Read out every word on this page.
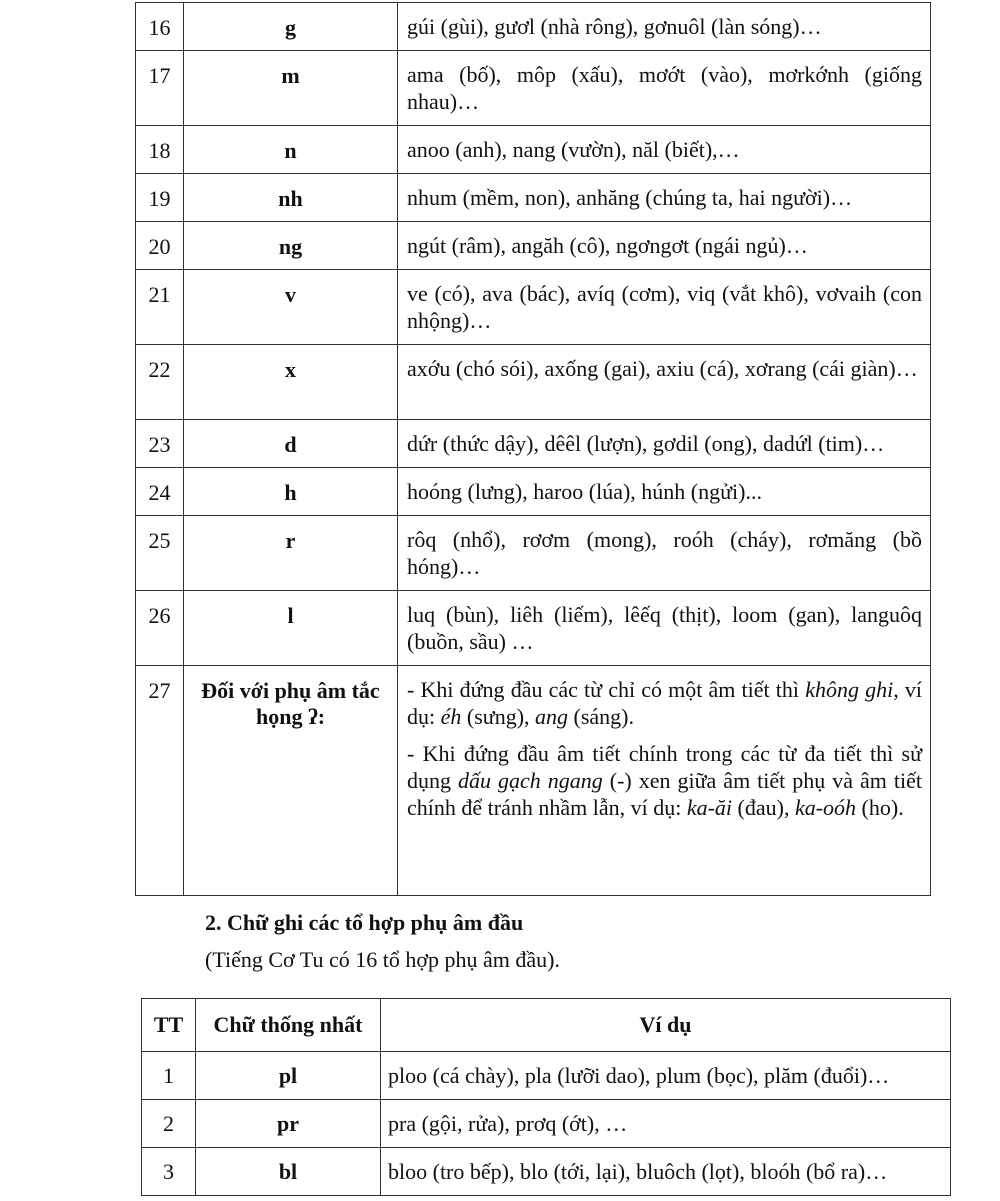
16	g	gúi (gùi), gươl (nhà rông), gơnuôl (làn sóng)…
17	m	ama (bố), môp (xấu), mơớt (vào), mơrkớnh (giống nhau)…
18	n	anoo (anh), nang (vườn), năl (biết),…
19	nh	nhum (mềm, non), anhăng (chúng ta, hai người)…
20	ng	ngút (râm), angăh (cô), ngơngơt (ngái ngủ)…
21	v	ve (có), ava (bác), avíq (cơm), viq (vắt khô), vơvaih (con nhộng)…
22	x	axớu (chó sói), axống (gai), axiu (cá), xơrang (cái giàn)…
23	d	dứr (thức dậy), dêêl (lượn), gơdil (ong), dadứl (tim)…
24	h	hoóng (lưng), haroo (lúa), húnh (ngửi)...
25	r	rôq (nhổ), rơơm (mong), roóh (cháy), rơmăng (bồ hóng)…
26	l	luq (bùn), liêh (liếm), lêếq (thịt), loom (gan), languôq (buồn, sầu) …
27	Đối với phụ âm tắc họng ʔ:	- Khi đứng đầu các từ chỉ có một âm tiết thì không ghi, ví dụ: éh (sưng), ang (sáng).

- Khi đứng đầu âm tiết chính trong các từ đa tiết thì sử dụng dấu gạch ngang (-) xen giữa âm tiết phụ và âm tiết chính để tránh nhầm lẫn, ví dụ: ka-ăi (đau), ka-oóh (ho).

2. Chữ ghi các tổ hợp phụ âm đầu
(Tiếng Cơ Tu có 16 tổ hợp phụ âm đầu).
TT	Chữ thống nhất	Ví dụ
1	pl	ploo (cá chày), pla (lưỡi dao), plum (bọc), plăm (đuổi)…
2	pr	pra (gội, rửa), prơq (ớt), …
3	bl	bloo (tro bếp), blo (tới, lại), bluôch (lọt), bloóh (bổ ra)…
